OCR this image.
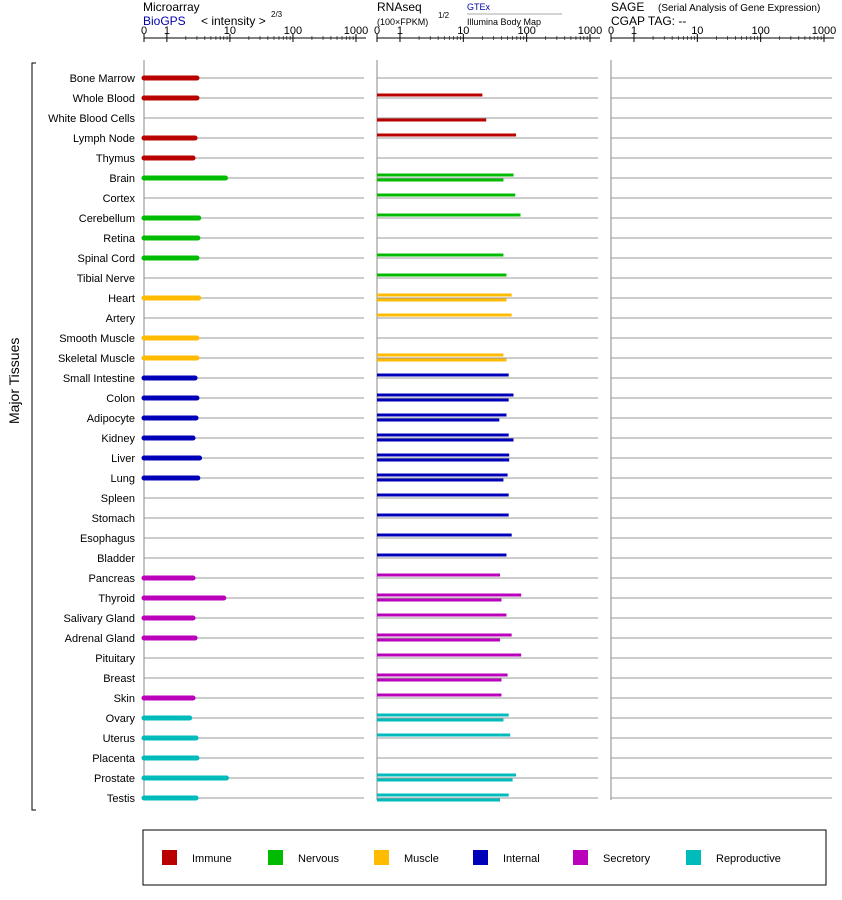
Microarray
BioGPS < intensity > 2/3
RNAseq
(100×FPKM)
1/2
GTEx
Illumina Body Map
SAGE (Serial Analysis of Gene Expression)
CGAP TAG: --
Major Tissues
0 1	10	100	1000 0 1	10	100	1000 0 1	10	100	1000
Bone Marrow
Whole Blood
White Blood Cells
Lymph Node
Thymus
Brain
Cortex
Cerebellum
Retina
Spinal Cord
Tibial Nerve
Heart
Artery
Smooth Muscle
Skeletal Muscle
Small Intestine
Colon
Adipocyte
Kidney
Liver
Lung
Spleen
Stomach
Esophagus
Bladder
Pancreas
Thyroid
Salivary Gland
Adrenal Gland
Pituitary
Breast
Skin
Ovary
Uterus
Placenta
Prostate
Testis
Immune	Nervous	Muscle	Internal	Secretory	Reproductive
